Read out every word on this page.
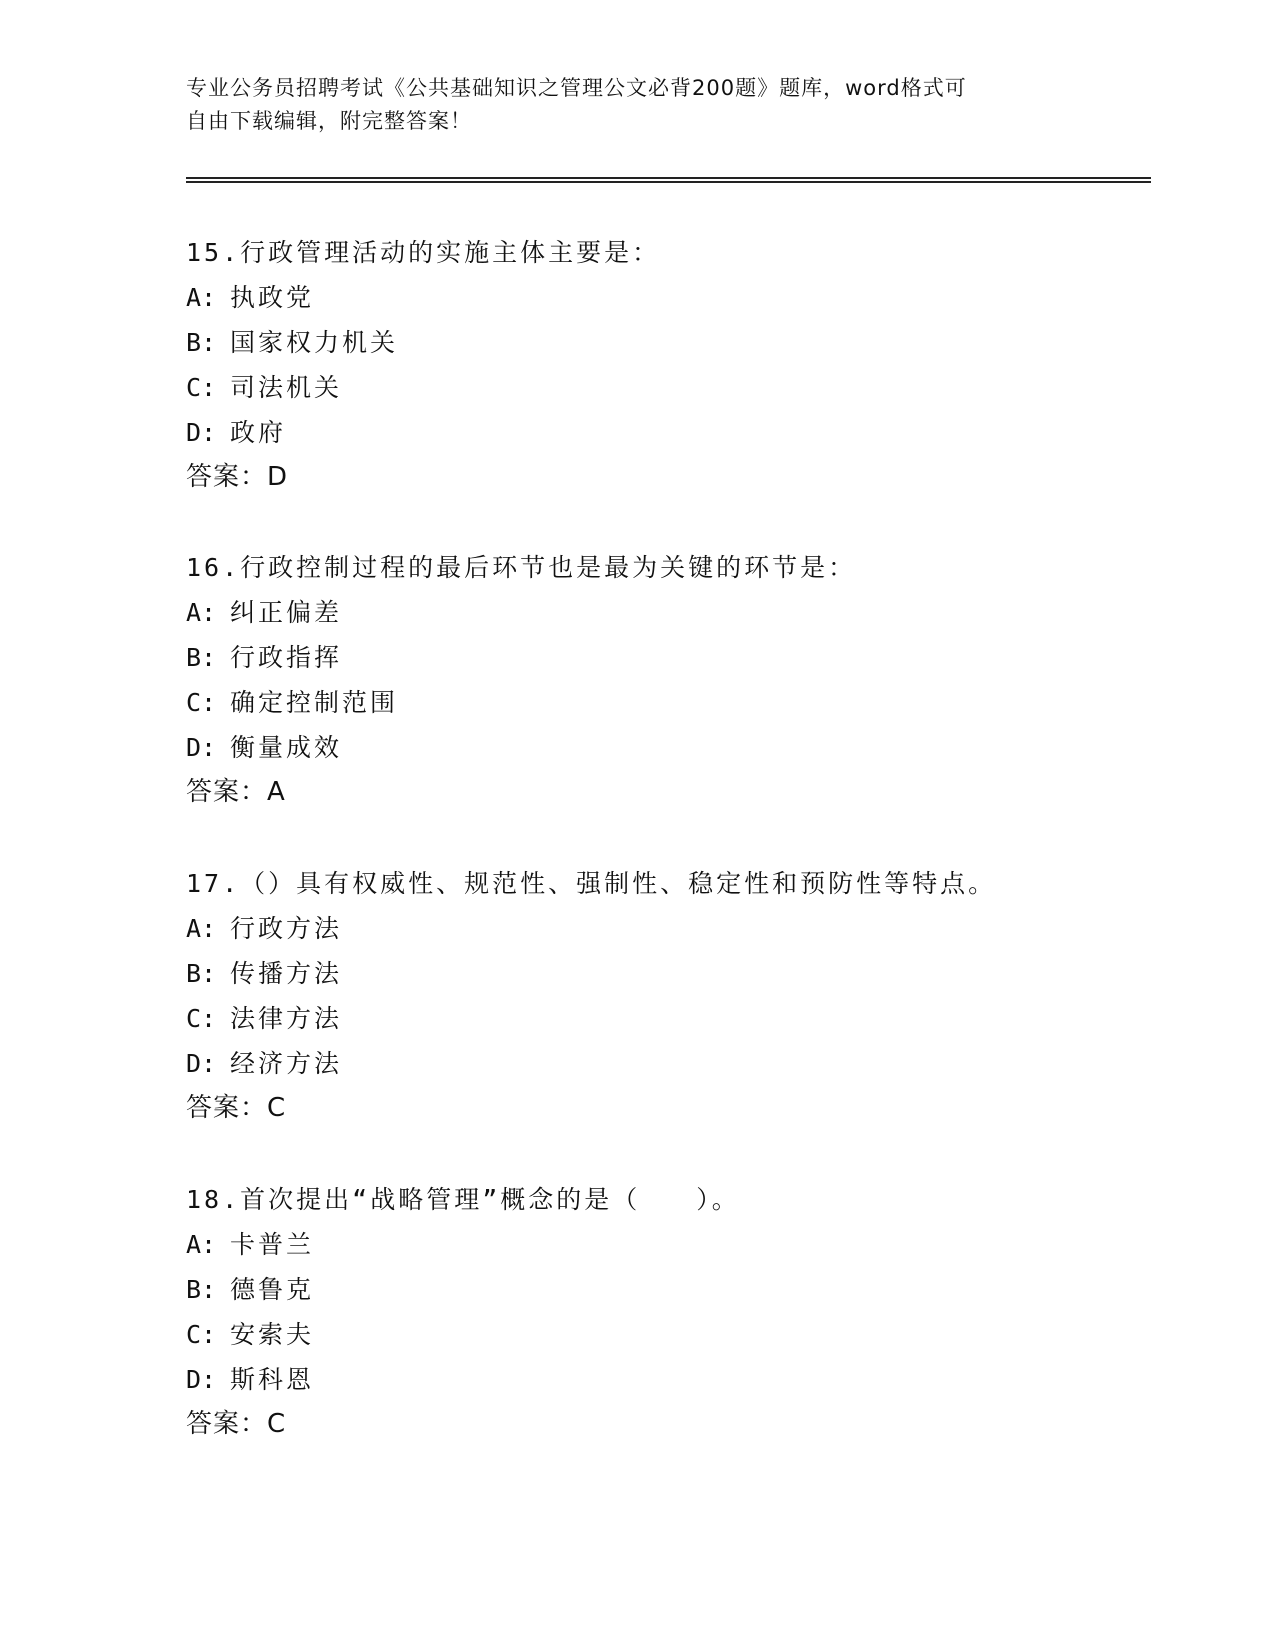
专业公务员招聘考试《公共基础知识之管理公文必背200题》题库，word格式可
自由下载编辑，附完整答案！
15.行政管理活动的实施主体主要是：
A: 执政党
B: 国家权力机关
C: 司法机关
D: 政府
答案：D
16.行政控制过程的最后环节也是最为关键的环节是：
A: 纠正偏差
B: 行政指挥
C: 确定控制范围
D: 衡量成效
答案：A
17.（）具有权威性、规范性、强制性、稳定性和预防性等特点。
A: 行政方法
B: 传播方法
C: 法律方法
D: 经济方法
答案：C
18.首次提出“战略管理”概念的是（　　）。
A: 卡普兰
B: 德鲁克
C: 安索夫
D: 斯科恩
答案：C
